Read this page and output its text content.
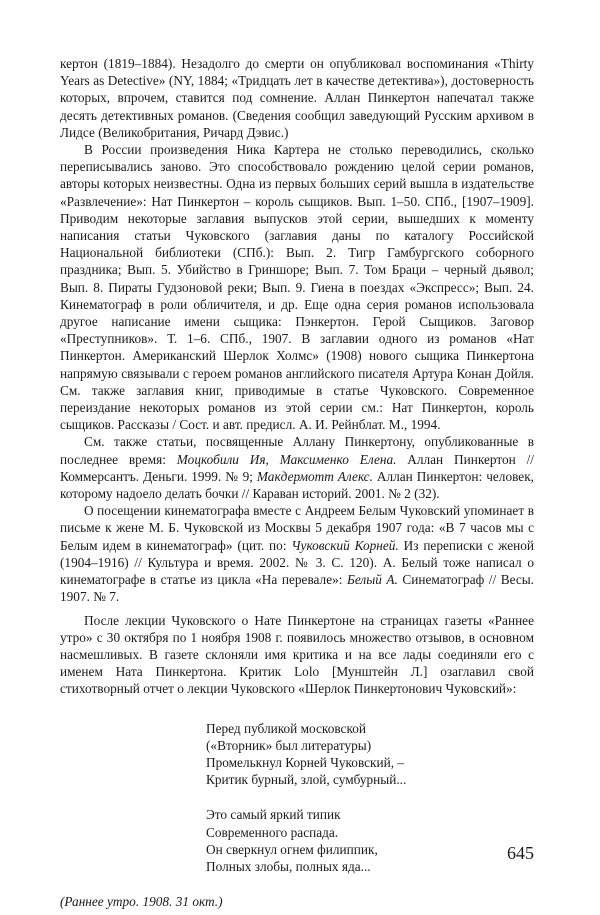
кертон (1819–1884). Незадолго до смерти он опубликовал воспоминания «Thirty Years as Detective» (NY, 1884; «Тридцать лет в качестве детектива»), достоверность которых, впрочем, ставится под сомнение. Аллан Пинкертон напечатал также десять детективных романов. (Сведения сообщил заведующий Русским архивом в Лидсе (Великобритания, Ричард Дэвис.)

В России произведения Ника Картера не столько переводились, сколько переписывались заново. Это способствовало рождению целой серии романов, авторы которых неизвестны. Одна из первых больших серий вышла в издательстве «Развлечение»: Нат Пинкертон – король сыщиков. Вып. 1–50. СПб., [1907–1909]. Приводим некоторые заглавия выпусков этой серии, вышедших к моменту написания статьи Чуковского (заглавия даны по каталогу Российской Национальной библиотеки (СПб.): Вып. 2. Тигр Гамбургского соборного праздника; Вып. 5. Убийство в Гриншоре; Вып. 7. Том Браци – черный дьявол; Вып. 8. Пираты Гудзоновой реки; Вып. 9. Гиена в поездах «Экспресс»; Вып. 24. Кинематограф в роли обличителя, и др. Еще одна серия романов использовала другое написание имени сыщика: Пэнкертон. Герой Сыщиков. Заговор «Преступников». Т. 1–6. СПб., 1907. В заглавии одного из романов «Нат Пинкертон. Американский Шерлок Холмс» (1908) нового сыщика Пинкертона напрямую связывали с героем романов английского писателя Артура Конан Дойля. См. также заглавия книг, приводимые в статье Чуковского. Современное переиздание некоторых романов из этой серии см.: Нат Пинкертон, король сыщиков. Рассказы / Сост. и авт. предисл. А. И. Рейнблат. М., 1994.

См. также статьи, посвященные Аллану Пинкертону, опубликованные в последнее время: Моцкобили Ия, Максименко Елена. Аллан Пинкертон // Коммерсантъ. Деньги. 1999. № 9; Макдермотт Алекс. Аллан Пинкертон: человек, которому надоело делать бочки // Караван историй. 2001. № 2 (32).

О посещении кинематографа вместе с Андреем Белым Чуковский упоминает в письме к жене М. Б. Чуковской из Москвы 5 декабря 1907 года: «В 7 часов мы с Белым идем в кинематограф» (цит. по: Чуковский Корней. Из переписки с женой (1904–1916) // Культура и время. 2002. № 3. С. 120). А. Белый тоже написал о кинематографе в статье из цикла «На перевале»: Белый А. Синематограф // Весы. 1907. № 7.

После лекции Чуковского о Нате Пинкертоне на страницах газеты «Раннее утро» с 30 октября по 1 ноября 1908 г. появилось множество отзывов, в основном насмешливых. В газете склоняли имя критика и на все лады соединяли его с именем Ната Пинкертона. Критик Lolo [Мунштейн Л.] озаглавил свой стихотворный отчет о лекции Чуковского «Шерлок Пинкертонович Чуковский»:

Перед публикой московской
(«Вторник» был литературы)
Промелькнул Корней Чуковский, –
Критик бурный, злой, сумбурный...
Это самый яркий типик
Современного распада.
Он сверкнул огнем филиппик,
Полных злобы, полных яда...

(Раннее утро. 1908. 31 окт.)

645
